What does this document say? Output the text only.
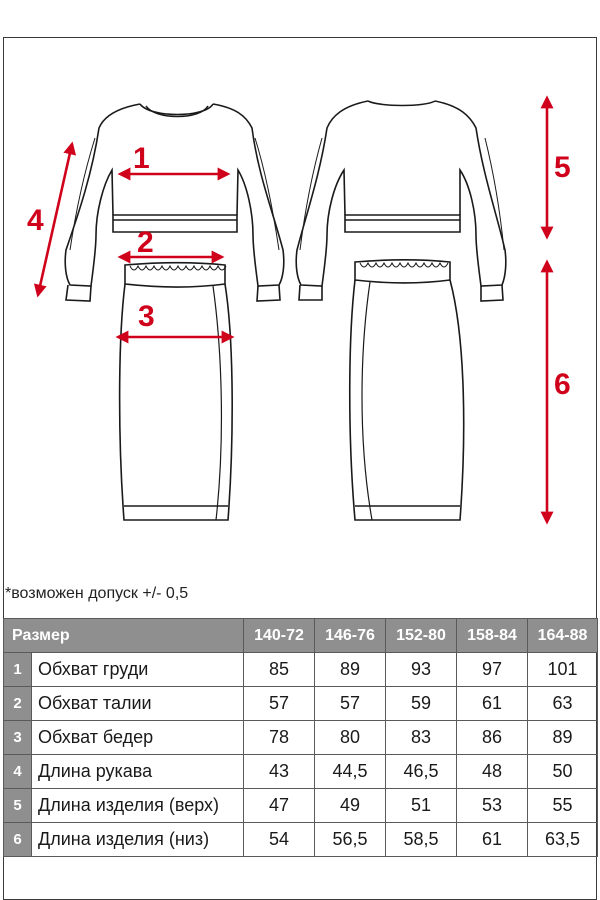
1
2
3
4
5
6
*возможен допуск +/- 0,5
Размер		140-72	146-76	152-80	158-84	164-88
1	Обхват груди	85	89	93	97	101
2	Обхват талии	57	57	59	61	63
3	Обхват бедер	78	80	83	86	89
4	Длина рукава	43	44,5	46,5	48	50
5	Длина изделия (верх)	47	49	51	53	55
6	Длина изделия (низ)	54	56,5	58,5	61	63,5
